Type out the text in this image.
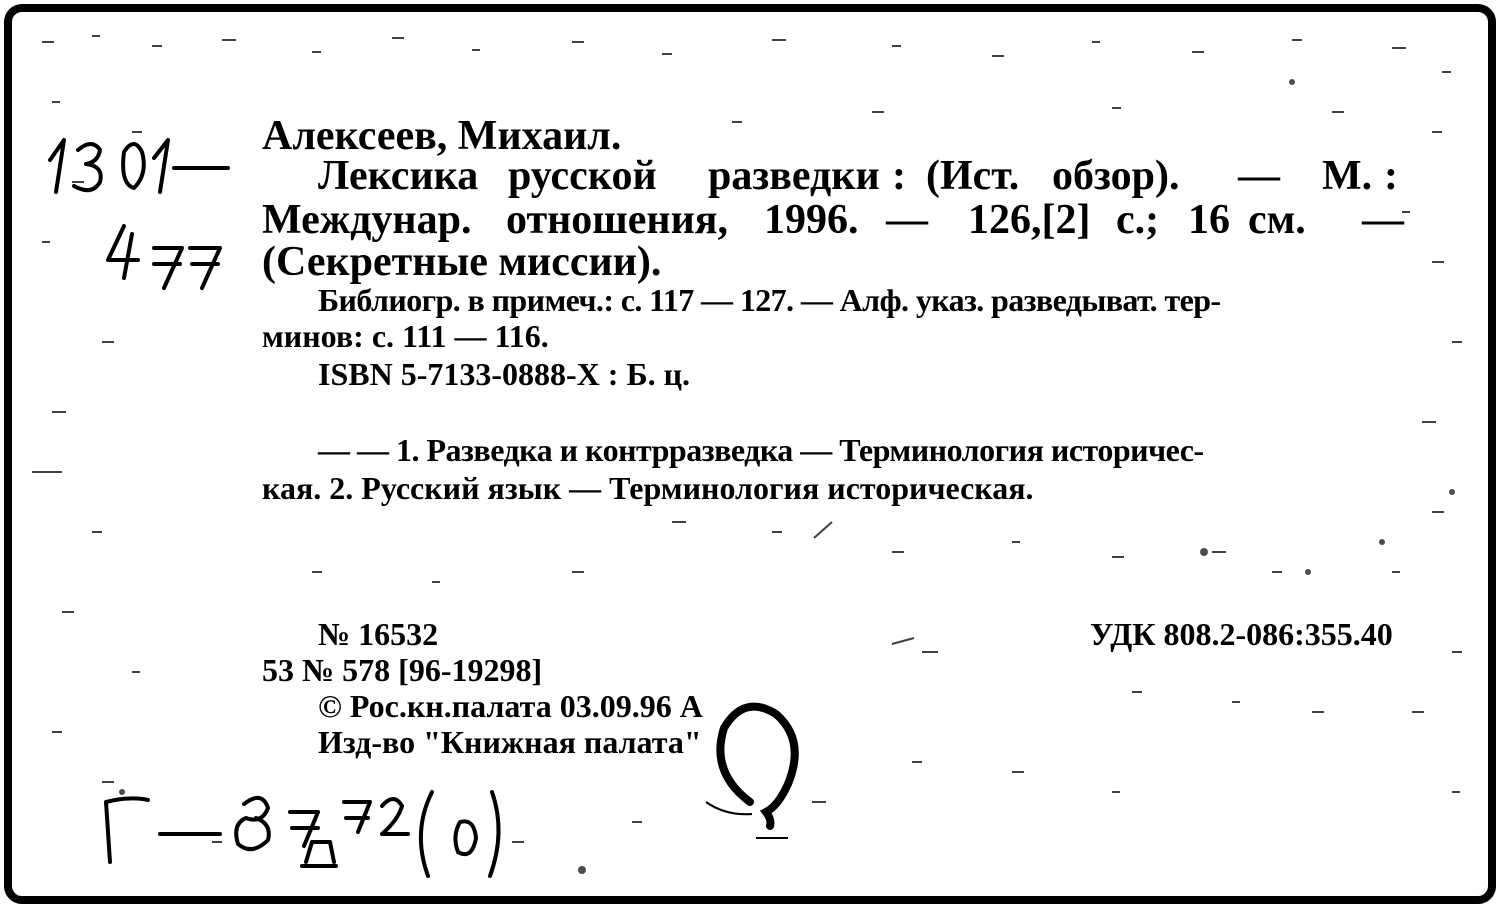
Алексеев, Михаил.
Лексика русской разведки : (Ист. обзор). — М. :
Междунар. отношения, 1996. — 126,[2] с.; 16 см. —
(Секретные миссии).
Библиогр. в примеч.: с. 117 — 127. — Алф. указ. разведыват. тер-
минов: с. 111 — 116.
ISBN 5-7133-0888-X : Б. ц.
— — 1. Разведка и контрразведка — Терминология историчес-
кая. 2. Русский язык — Терминология историческая.
№ 16532	УДК 808.2-086:355.40
53 № 578 [96-19298]
© Рос.кн.палата 03.09.96 А
Изд-во "Книжная палата"
